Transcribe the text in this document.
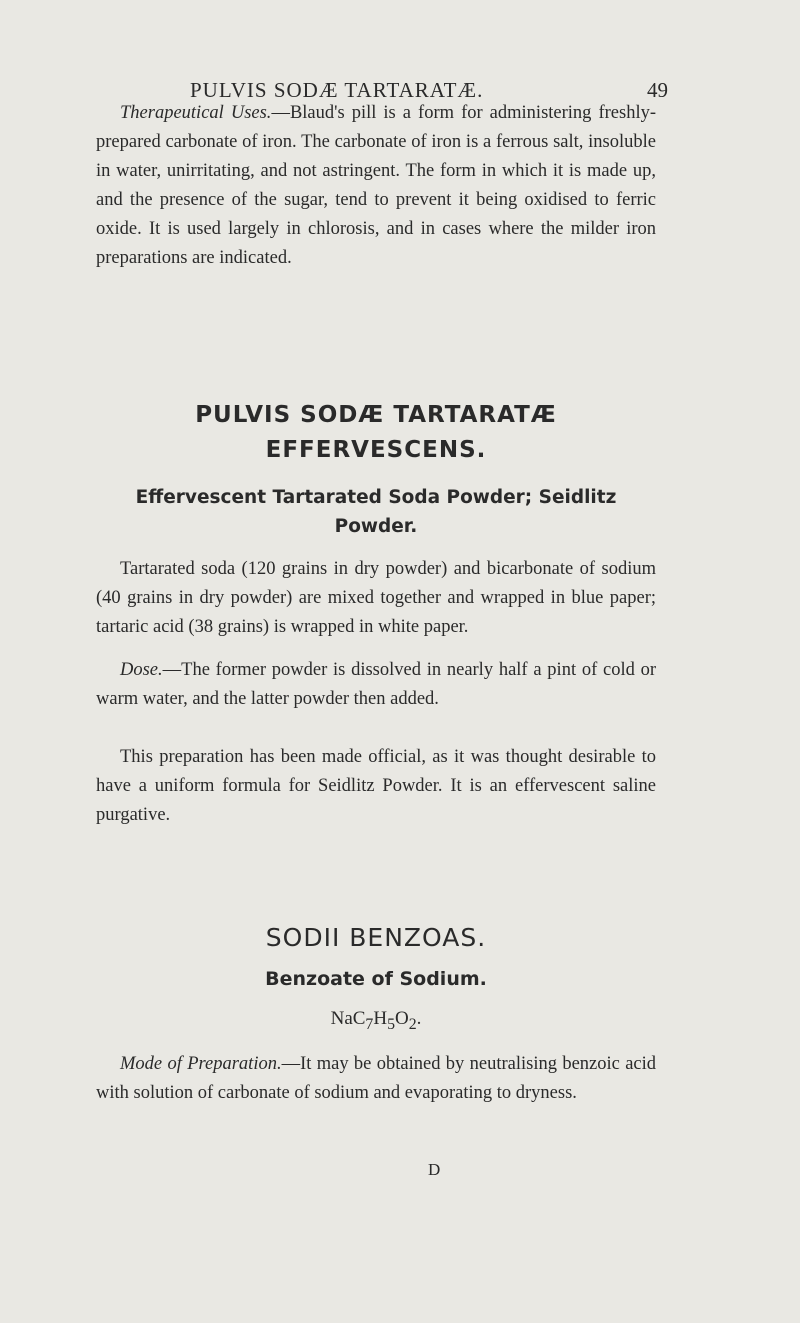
PULVIS SODÆ TARTARATÆ.	49

Therapeutical Uses.—Blaud's pill is a form for administering freshly-prepared carbonate of iron. The carbonate of iron is a ferrous salt, insoluble in water, unirritating, and not astringent. The form in which it is made up, and the presence of the sugar, tend to prevent it being oxidised to ferric oxide. It is used largely in chlorosis, and in cases where the milder iron preparations are indicated.

PULVIS SODÆ TARTARATÆ
EFFERVESCENS.
Effervescent Tartarated Soda Powder; Seidlitz Powder.

Tartarated soda (120 grains in dry powder) and bicarbonate of sodium (40 grains in dry powder) are mixed together and wrapped in blue paper; tartaric acid (38 grains) is wrapped in white paper.

Dose.—The former powder is dissolved in nearly half a pint of cold or warm water, and the latter powder then added.

This preparation has been made official, as it was thought desirable to have a uniform formula for Seidlitz Powder. It is an effervescent saline purgative.

SODII BENZOAS.
Benzoate of Sodium.
$NaC_7H_5O_2$.

Mode of Preparation.—It may be obtained by neutralising benzoic acid with solution of carbonate of sodium and evaporating to dryness.

D
